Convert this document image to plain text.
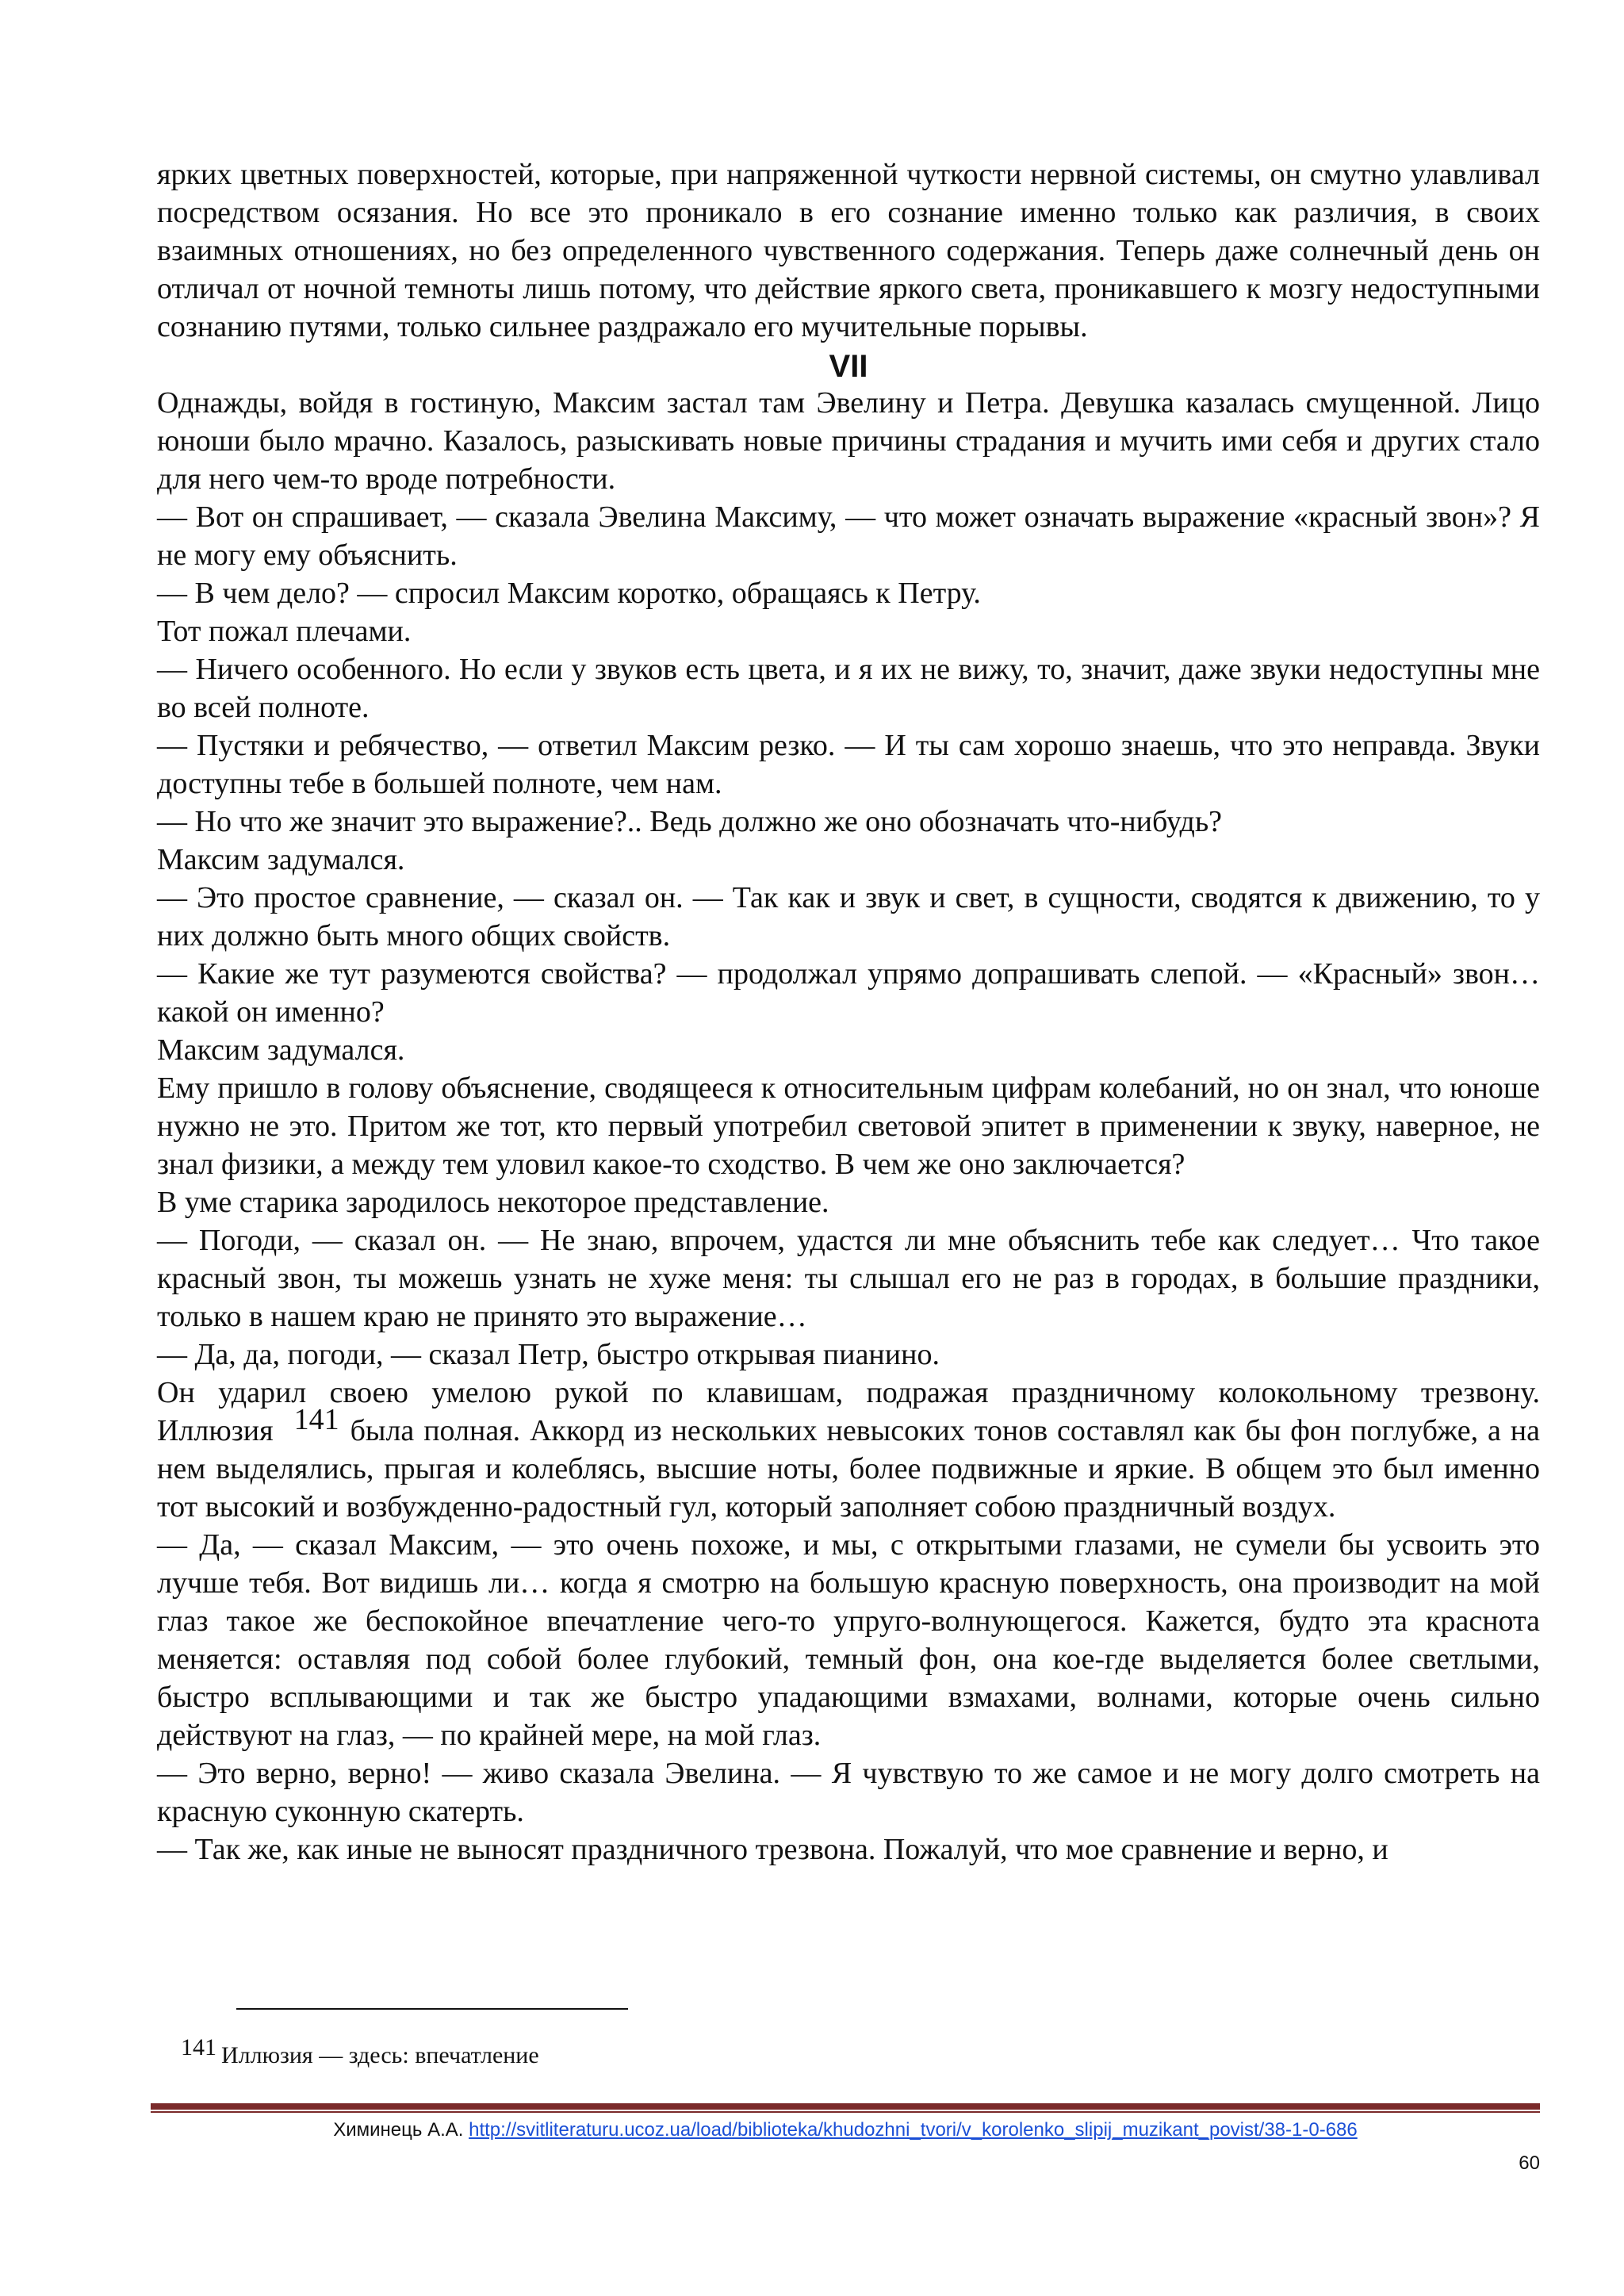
ярких цветных поверхностей, которые, при напряженной чуткости нервной системы, он смутно улавливал посредством осязания. Но все это проникало в его сознание именно только как различия, в своих взаимных отношениях, но без определенного чувственного содержания. Теперь даже солнечный день он отличал от ночной темноты лишь потому, что действие яркого света, проникавшего к мозгу недоступными сознанию путями, только сильнее раздражало его мучительные порывы.

VII

Однажды, войдя в гостиную, Максим застал там Эвелину и Петра. Девушка казалась смущенной. Лицо юноши было мрачно. Казалось, разыскивать новые причины страдания и мучить ими себя и других стало для него чем-то вроде потребности.

— Вот он спрашивает, — сказала Эвелина Максиму, — что может означать выражение «красный звон»? Я не могу ему объяснить.

— В чем дело? — спросил Максим коротко, обращаясь к Петру.

Тот пожал плечами.

— Ничего особенного. Но если у звуков есть цвета, и я их не вижу, то, значит, даже звуки недоступны мне во всей полноте.

— Пустяки и ребячество, — ответил Максим резко. — И ты сам хорошо знаешь, что это неправда. Звуки доступны тебе в большей полноте, чем нам.

— Но что же значит это выражение?.. Ведь должно же оно обозначать что-нибудь?

Максим задумался.

— Это простое сравнение, — сказал он. — Так как и звук и свет, в сущности, сводятся к движению, то у них должно быть много общих свойств.

— Какие же тут разумеются свойства? — продолжал упрямо допрашивать слепой. — «Красный» звон… какой он именно?

Максим задумался.

Ему пришло в голову объяснение, сводящееся к относительным цифрам колебаний, но он знал, что юноше нужно не это. Притом же тот, кто первый употребил световой эпитет в применении к звуку, наверное, не знал физики, а между тем уловил какое-то сходство. В чем же оно заключается?

В уме старика зародилось некоторое представление.

— Погоди, — сказал он. — Не знаю, впрочем, удастся ли мне объяснить тебе как следует… Что такое красный звон, ты можешь узнать не хуже меня: ты слышал его не раз в городах, в большие праздники, только в нашем краю не принято это выражение…

— Да, да, погоди, — сказал Петр, быстро открывая пианино.

Он ударил своею умелою рукой по клавишам, подражая праздничному колокольному трезвону. Иллюзия 141 была полная. Аккорд из нескольких невысоких тонов составлял как бы фон поглубже, а на нем выделялись, прыгая и колеблясь, высшие ноты, более подвижные и яркие. В общем это был именно тот высокий и возбужденно-радостный гул, который заполняет собою праздничный воздух.

— Да, — сказал Максим, — это очень похоже, и мы, с открытыми глазами, не сумели бы усвоить это лучше тебя. Вот видишь ли… когда я смотрю на большую красную поверхность, она производит на мой глаз такое же беспокойное впечатление чего-то упруго-волнующегося. Кажется, будто эта краснота меняется: оставляя под собой более глубокий, темный фон, она кое-где выделяется более светлыми, быстро всплывающими и так же быстро упадающими взмахами, волнами, которые очень сильно действуют на глаз, — по крайней мере, на мой глаз.

— Это верно, верно! — живо сказала Эвелина. — Я чувствую то же самое и не могу долго смотреть на красную суконную скатерть.

— Так же, как иные не выносят праздничного трезвона. Пожалуй, что мое сравнение и верно, и

141 Иллюзия — здесь: впечатление
Химинець А.А. http://svitliteraturu.ucoz.ua/load/biblioteka/khudozhni_tvori/v_korolenko_slipij_muzikant_povist/38-1-0-686
60
